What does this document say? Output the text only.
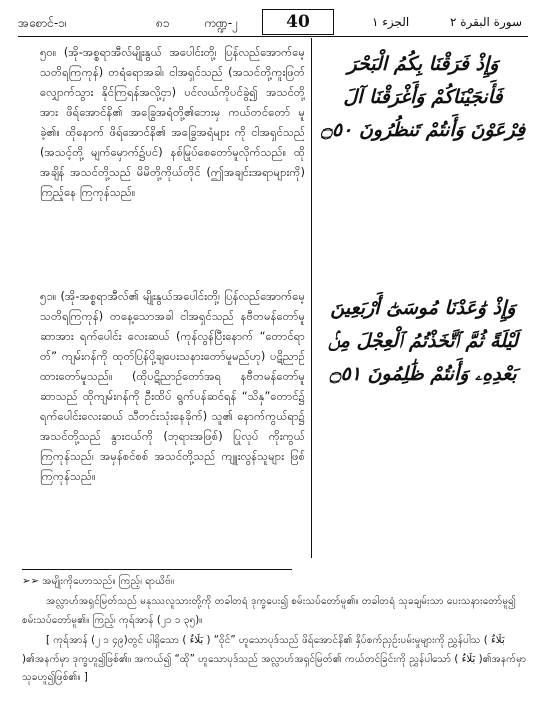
အစောင်-၁၊	၈၁	ကဏ္ဍ-၂	40	الجزء ١	سورة البقرة ٢

၅၀။ (အို-အစ္စရာအီလ်မျိုးနွယ် အပေါင်းတို့၊ ပြန်လည်အောက်မေ့သတိရကြကုန်) တရံရောအခါ၊ ငါအရှင်သည် (အသင်တို့ကူးဖြတ် လျှောက်သွား နိုင်ကြရန်အလို့ငှာ) ပင်လယ်ကိုပင်ခွဲ၍ အသင်တို့အား ဖိရ်အောင်နိ၏ အခြွေအရံတို့၏ဘေးမှ ကယ်တင်တော် မူခဲ့၏။ ထိုနောက် ဖိရ်အောင်နိ၏ အခြွေအရံများ ကို ငါအရှင်သည် (အသင့်တို့ မျက်မှောက်၌ပင်) နစ်မြုပ်စေတော်မူလိုက်သည်။ ထိုအချိန် အသင်တို့သည် မိမိတို့ကိုယ်တိုင် (ဤအချင်းအရာများကို) ကြည့်နေ ကြကုန်သည်။

وَإِذْ فَرَقْنَا بِكُمُ الْبَحْرَ فَأَنجَيْنَاكُمْ وَأَغْرَقْنَا آلَ فِرْعَوْنَ وَأَنتُمْ تَنظُرُونَ ۝٥٠

၅၁။ (အို-အစ္စရာအီလ်၏ မျိုးနွယ်အပေါင်းတို့၊ ပြန်လည်အောက်မေ့သတိရကြကုန်) တနေ့သောအခါ ငါအရှင်သည် နဗီတမန်တော်မူဆာအား ရက်ပေါင်း လေးဆယ် (ကုန်လွန်ပြီးနောက် “တောင်ရာတ်” ကျမ်းဂန်ကို ထုတ်ပြန်ပို့ချပေးသနားတော်မူမည်ဟု) ပဋိညာဉ်ထားတော်မူသည်။ (ထိုပဋိညာဉ်တော်အရ နဗီတမန်တော်မူဆာသည် ထိုကျမ်းဂန်ကို ဦးထိပ် ရွက်ပန်ဆင်ရန် “သိနှ”တောင်၌ ရက်ပေါင်းလေးဆယ် သီတင်းသုံးနေခိုက်) သူ၏ နောက်ကွယ်ရာ၌ အသင်တို့သည် နွားငယ်ကို (ဘုရားအဖြစ်) ပြုလုပ် ကိုးကွယ်ကြကုန်သည်၊ အမှန်စင်စစ် အသင်တို့သည် ကျူးလွန်သူများ ဖြစ်ကြကုန်သည်။

وَإِذْ وَٰعَدْنَا مُوسَىٰٓ أَرْبَعِينَ لَيْلَةً ثُمَّ ٱتَّخَذْتُمُ ٱلْعِجْلَ مِنۢ بَعْدِهِۦ وَأَنتُمْ ظَٰلِمُونَ ۝٥١

➢➢ အမျိုးကိုဟောသည်။ ကြည့်၊ ရာယိဗ်။

အလ္လာဟ်အရှင်မြတ်သည် မနုဿလူသားတို့ကို တခါတရံ ဒုက္ခပေး၍ စမ်းသပ်တော်မူ၏။ တခါတရံ သုခချမ်းသာ ပေးသနားတော်မူ၍ စမ်းသပ်တော်မူ၏။ ကြည့်၊ ကုရ်အာန် (၂၁ ၁ ၃၅)။

[ ကုရ်အာန် (၂ ၁ ၄၉)တွင် ပါရှိသော ( بَلَاءٌ ) “ဝိုင်” ဟူသောပုဒ်သည် ဖိရ်အောင်နိ၏ နှိပ်စက်ညှဉ်းပမ်းမှုများကို ညွှန်ပါသ ( بَلَاءٌ )၏အနက်မှာ ဒုက္ခဟူ၍ဖြစ်၏။ အကယ်၍ “ထို” ဟူသောပုဒ်သည် အလ္လာဟ်အရှင်မြတ်၏ ကယ်တင်ခြင်းကို ညွှန်ပါသော် ( بَلَاءٌ )၏အနက်မှာ သုခဟူ၍ဖြစ်၏။ ]
